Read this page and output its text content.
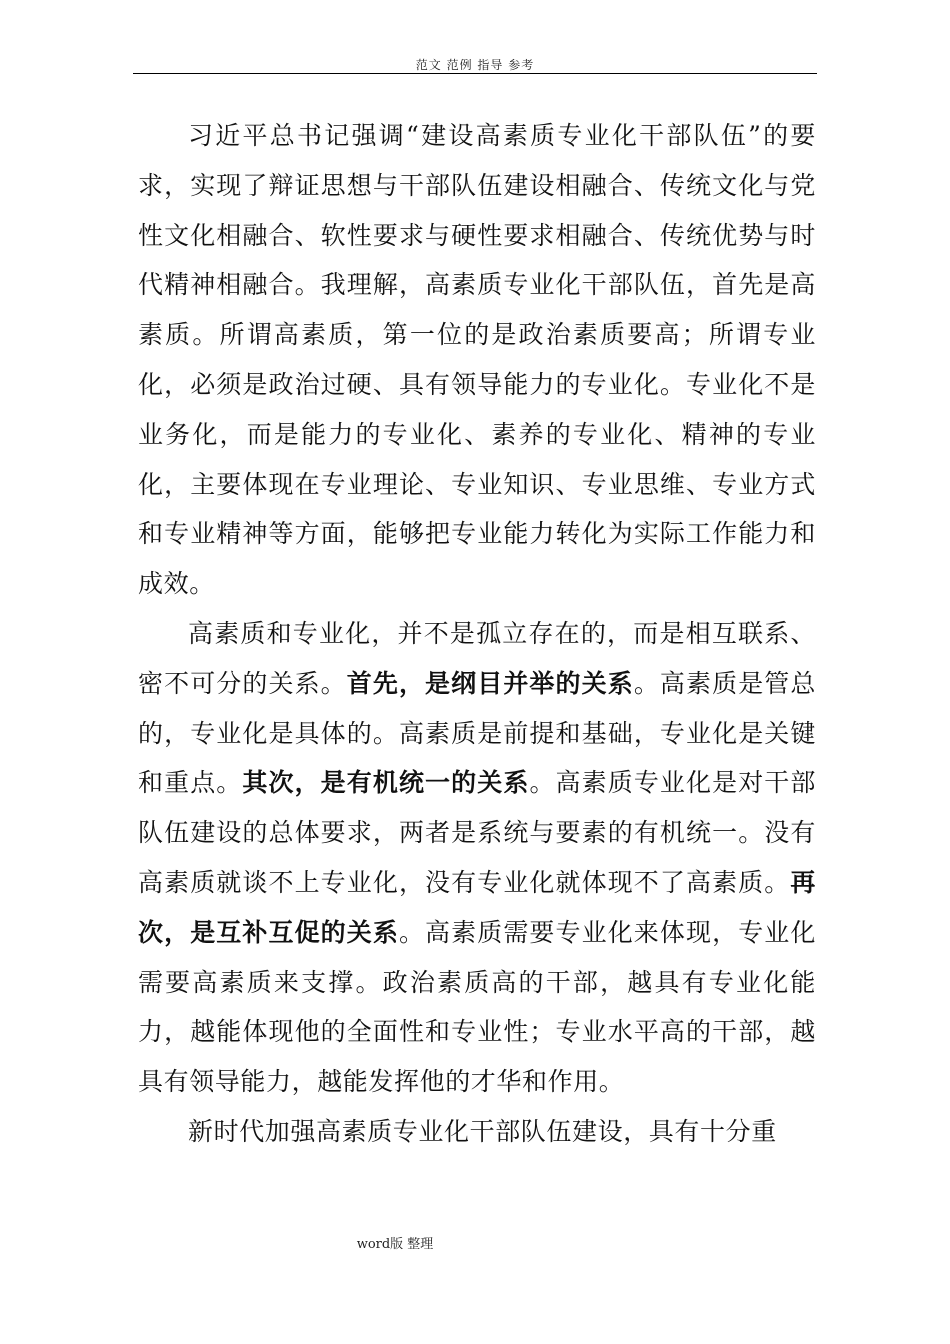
范文 范例 指导 参考

习近平总书记强调“建设高素质专业化干部队伍”的要求，实现了辩证思想与干部队伍建设相融合、传统文化与党性文化相融合、软性要求与硬性要求相融合、传统优势与时代精神相融合。我理解，高素质专业化干部队伍，首先是高素质。所谓高素质，第一位的是政治素质要高；所谓专业化，必须是政治过硬、具有领导能力的专业化。专业化不是业务化，而是能力的专业化、素养的专业化、精神的专业化，主要体现在专业理论、专业知识、专业思维、专业方式和专业精神等方面，能够把专业能力转化为实际工作能力和成效。

高素质和专业化，并不是孤立存在的，而是相互联系、密不可分的关系。首先，是纲目并举的关系。高素质是管总的，专业化是具体的。高素质是前提和基础，专业化是关键和重点。其次，是有机统一的关系。高素质专业化是对干部队伍建设的总体要求，两者是系统与要素的有机统一。没有高素质就谈不上专业化，没有专业化就体现不了高素质。再次，是互补互促的关系。高素质需要专业化来体现，专业化需要高素质来支撑。政治素质高的干部，越具有专业化能力，越能体现他的全面性和专业性；专业水平高的干部，越具有领导能力，越能发挥他的才华和作用。

新时代加强高素质专业化干部队伍建设，具有十分重

word版 整理
